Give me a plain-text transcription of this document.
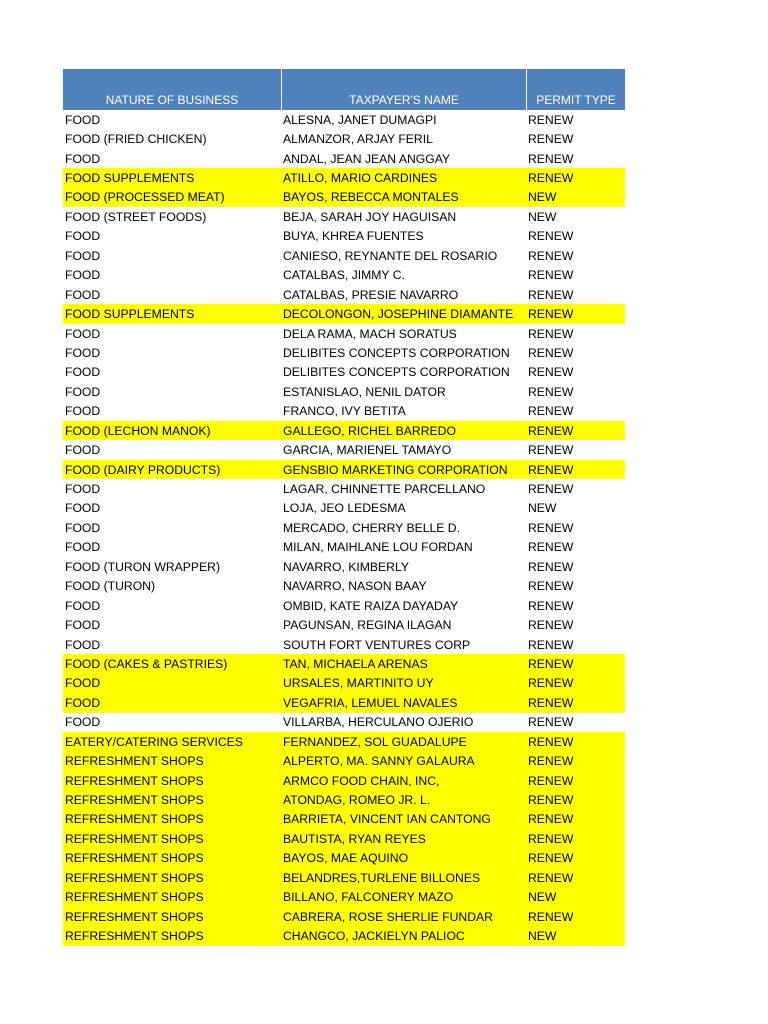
NATURE OF BUSINESS	TAXPAYER'S NAME	PERMIT TYPE
FOOD	ALESNA, JANET DUMAGPI	RENEW
FOOD (FRIED CHICKEN)	ALMANZOR, ARJAY FERIL	RENEW
FOOD	ANDAL, JEAN JEAN ANGGAY	RENEW
FOOD SUPPLEMENTS	ATILLO, MARIO CARDINES	RENEW
FOOD (PROCESSED MEAT)	BAYOS, REBECCA MONTALES	NEW
FOOD (STREET FOODS)	BEJA, SARAH JOY HAGUISAN	NEW
FOOD	BUYA, KHREA FUENTES	RENEW
FOOD	CANIESO, REYNANTE DEL ROSARIO	RENEW
FOOD	CATALBAS, JIMMY C.	RENEW
FOOD	CATALBAS, PRESIE NAVARRO	RENEW
FOOD SUPPLEMENTS	DECOLONGON, JOSEPHINE DIAMANTE	RENEW
FOOD	DELA RAMA, MACH SORATUS	RENEW
FOOD	DELIBITES CONCEPTS CORPORATION	RENEW
FOOD	DELIBITES CONCEPTS CORPORATION	RENEW
FOOD	ESTANISLAO, NENIL DATOR	RENEW
FOOD	FRANCO, IVY BETITA	RENEW
FOOD (LECHON MANOK)	GALLEGO, RICHEL BARREDO	RENEW
FOOD	GARCIA, MARIENEL TAMAYO	RENEW
FOOD (DAIRY PRODUCTS)	GENSBIO MARKETING CORPORATION	RENEW
FOOD	LAGAR, CHINNETTE PARCELLANO	RENEW
FOOD	LOJA, JEO LEDESMA	NEW
FOOD	MERCADO, CHERRY BELLE D.	RENEW
FOOD	MILAN, MAIHLANE LOU FORDAN	RENEW
FOOD (TURON WRAPPER)	NAVARRO, KIMBERLY	RENEW
FOOD (TURON)	NAVARRO, NASON BAAY	RENEW
FOOD	OMBID, KATE RAIZA DAYADAY	RENEW
FOOD	PAGUNSAN, REGINA ILAGAN	RENEW
FOOD	SOUTH FORT VENTURES CORP	RENEW
FOOD (CAKES & PASTRIES)	TAN, MICHAELA ARENAS	RENEW
FOOD	URSALES, MARTINITO UY	RENEW
FOOD	VEGAFRIA, LEMUEL NAVALES	RENEW
FOOD	VILLARBA, HERCULANO OJERIO	RENEW
EATERY/CATERING SERVICES	FERNANDEZ, SOL GUADALUPE	RENEW
REFRESHMENT SHOPS	ALPERTO, MA. SANNY GALAURA	RENEW
REFRESHMENT SHOPS	ARMCO FOOD CHAIN, INC,	RENEW
REFRESHMENT SHOPS	ATONDAG, ROMEO JR. L.	RENEW
REFRESHMENT SHOPS	BARRIETA, VINCENT IAN CANTONG	RENEW
REFRESHMENT SHOPS	BAUTISTA, RYAN REYES	RENEW
REFRESHMENT SHOPS	BAYOS, MAE AQUINO	RENEW
REFRESHMENT SHOPS	BELANDRES,TURLENE BILLONES	RENEW
REFRESHMENT SHOPS	BILLANO, FALCONERY MAZO	NEW
REFRESHMENT SHOPS	CABRERA, ROSE SHERLIE FUNDAR	RENEW
REFRESHMENT SHOPS	CHANGCO, JACKIELYN PALIOC	NEW
